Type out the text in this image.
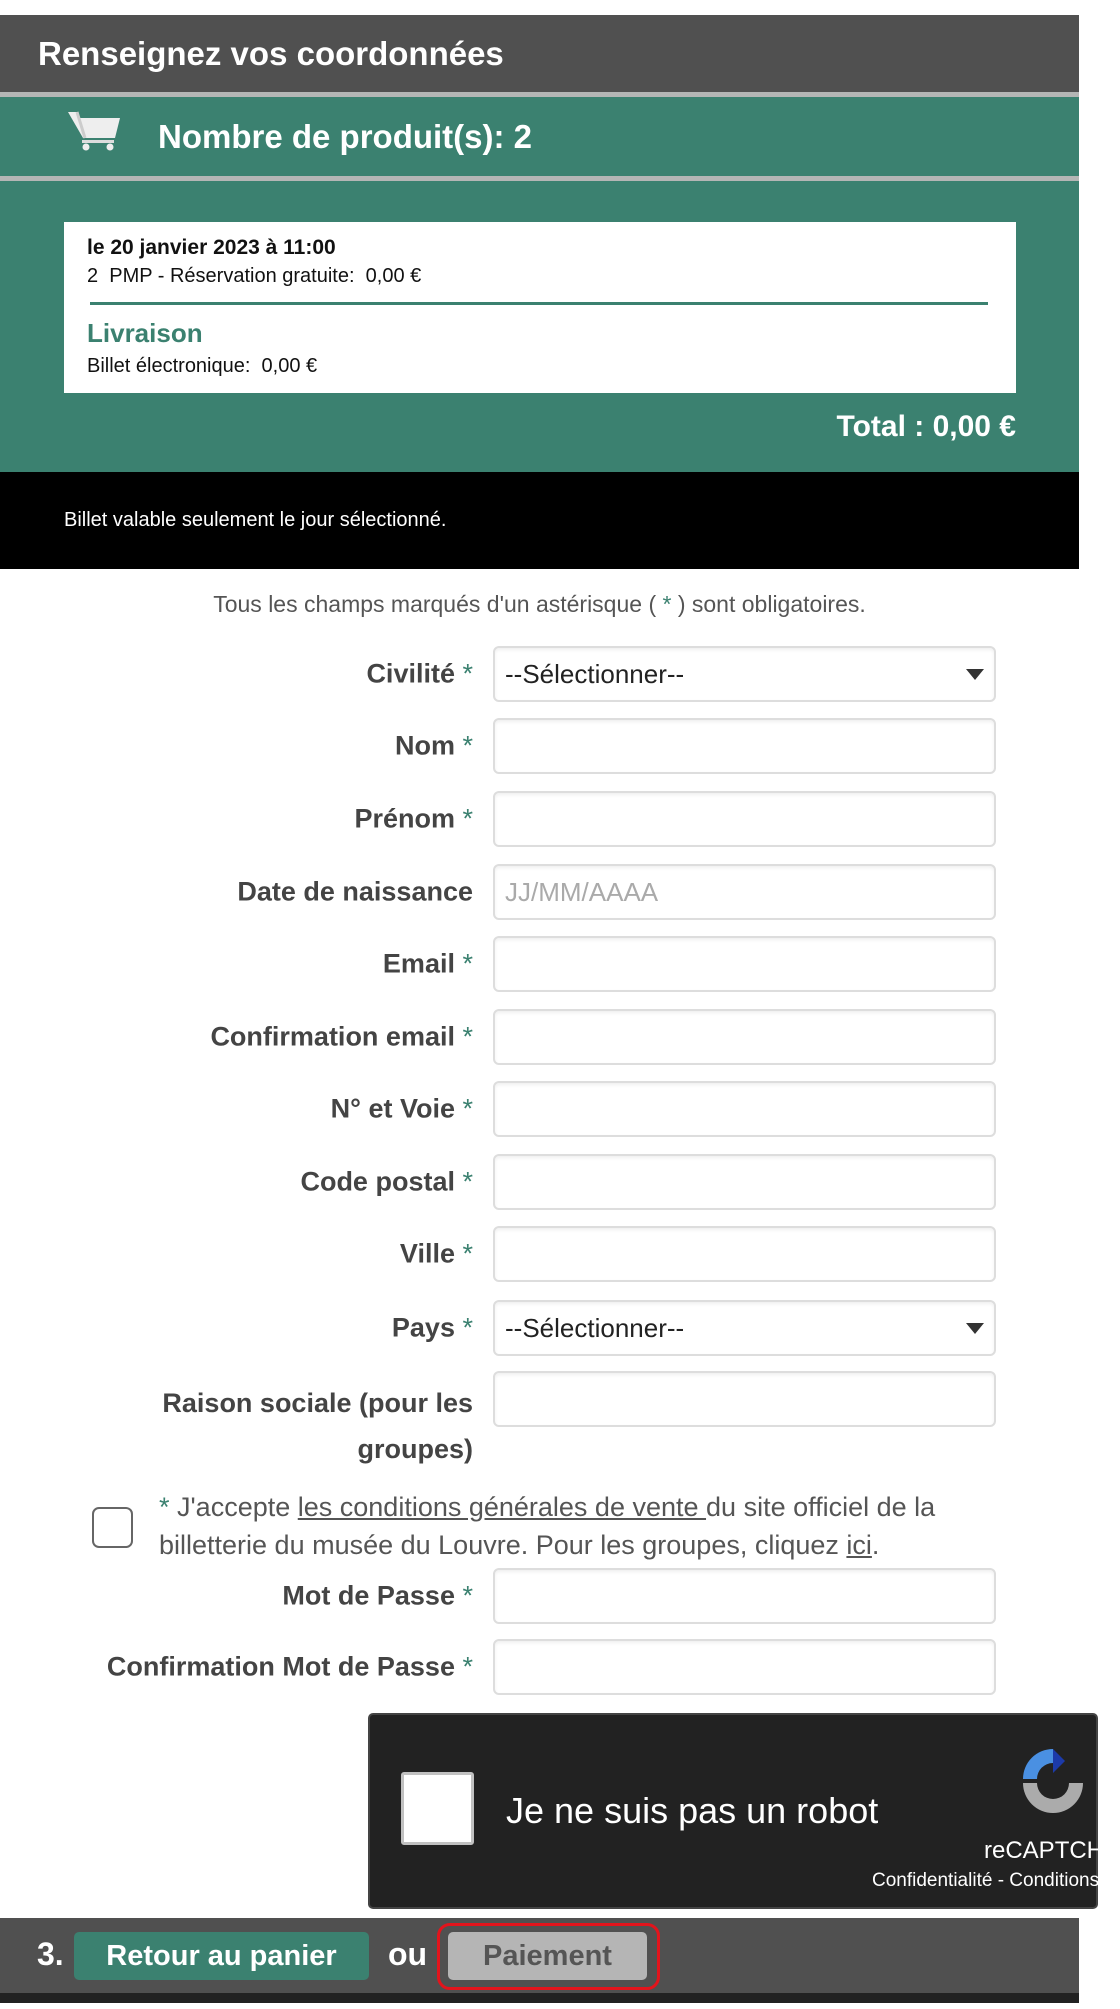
Renseignez vos coordonnées
Nombre de produit(s): 2
le 20 janvier 2023 à 11:00
2  PMP - Réservation gratuite:  0,00 €
Livraison
Billet électronique:  0,00 €
Total : 0,00 €
Billet valable seulement le jour sélectionné.
Tous les champs marqués d'un astérisque ( * ) sont obligatoires.
Civilité * --Sélectionner--
Nom *
Prénom *
Date de naissance
JJ/MM/AAAA
Email *
Confirmation email *
N° et Voie *
Code postal *
Ville *
Pays * --Sélectionner--
Raison sociale (pour les
groupes)
* J'accepte les conditions générales de vente du site officiel de la
billetterie du musée du Louvre. Pour les groupes, cliquez ici.
Mot de Passe *
Confirmation Mot de Passe *
Je ne suis pas un robot
reCAPTCHA
Confidentialité - Conditions
3.	Retour au panier	ou	Paiement
